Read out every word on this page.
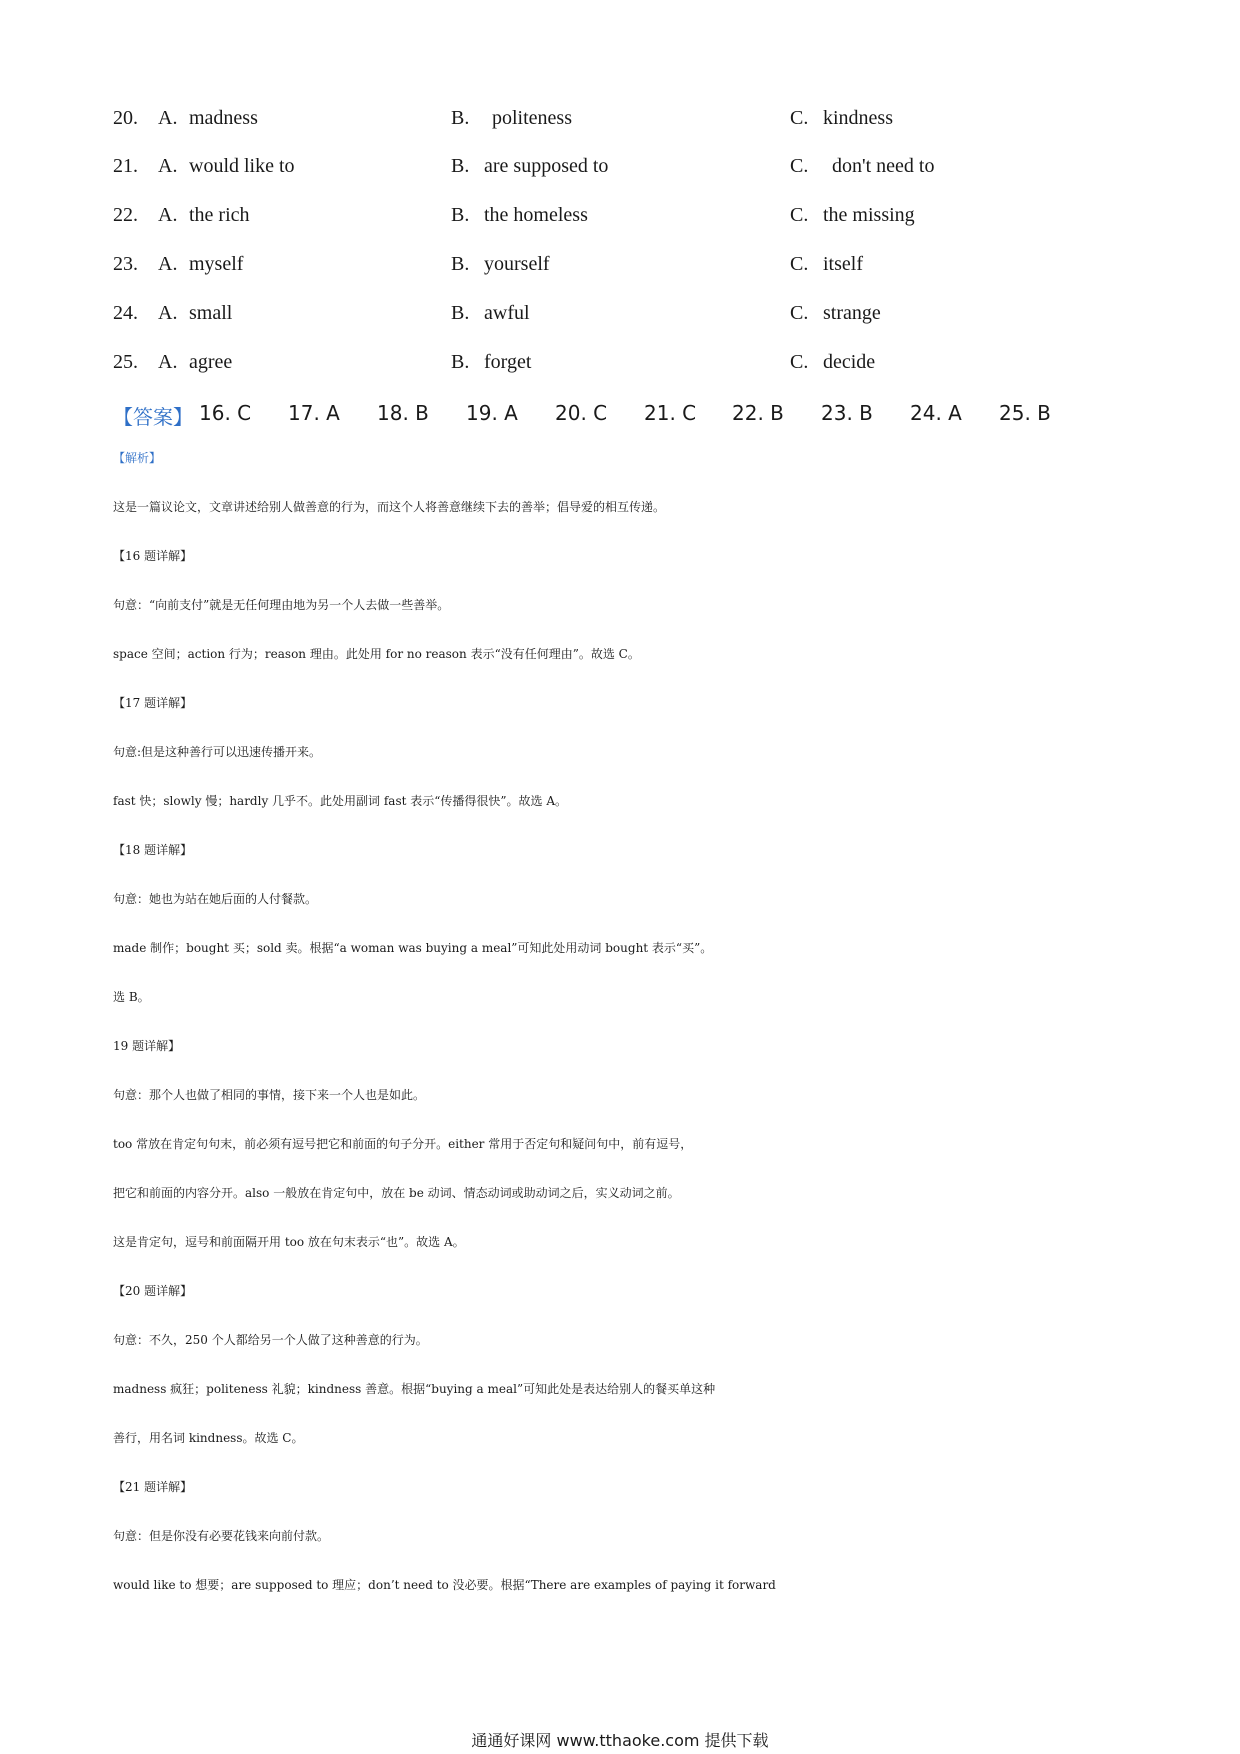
20. A. madness	B. politeness	C. kindness
21. A. would like to	B. are supposed to	C. don't need to
22. A. the rich	B. the homeless	C. the missing
23. A. myself	B. yourself	C. itself
24. A. small	B. awful	C. strange
25. A. agree	B. forget	C. decide
【答案】 16. C 17. A 18. B 19. A 20. C 21. C 22. B 23. B 24. A 25. B
【解析】
这是一篇议论文，文章讲述给别人做善意的行为，而这个人将善意继续下去的善举；倡导爱的相互传递。
【16 题详解】
句意：“向前支付”就是无任何理由地为另一个人去做一些善举。
space 空间；action 行为；reason 理由。此处用 for no reason 表示“没有任何理由”。故选 C。
【17 题详解】
句意:但是这种善行可以迅速传播开来。
fast 快；slowly 慢；hardly 几乎不。此处用副词 fast 表示“传播得很快”。故选 A。
【18 题详解】
句意：她也为站在她后面的人付餐款。
made 制作；bought 买；sold 卖。根据“a woman was buying a meal”可知此处用动词 bought 表示“买”。
选 B。
19 题详解】
句意：那个人也做了相同的事情，接下来一个人也是如此。
too 常放在肯定句句末，前必须有逗号把它和前面的句子分开。either 常用于否定句和疑问句中，前有逗号，
把它和前面的内容分开。also 一般放在肯定句中，放在 be 动词、情态动词或助动词之后，实义动词之前。
这是肯定句，逗号和前面隔开用 too 放在句末表示“也”。故选 A。
【20 题详解】
句意：不久，250 个人都给另一个人做了这种善意的行为。
madness 疯狂；politeness 礼貌；kindness 善意。根据“buying a meal”可知此处是表达给别人的餐买单这种
善行，用名词 kindness。故选 C。
【21 题详解】
句意：但是你没有必要花钱来向前付款。
would like to 想要；are supposed to 理应；don’t need to 没必要。根据“There are examples of paying it forward
通通好课网 www.tthaoke.com 提供下载
